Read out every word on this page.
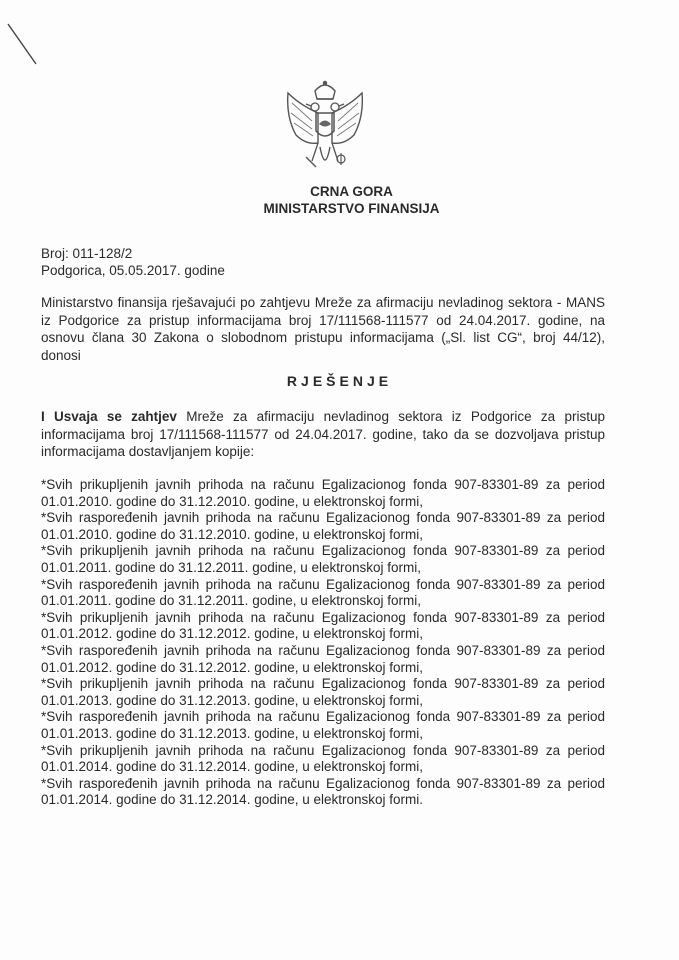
CRNA GORA
MINISTARSTVO FINANSIJA
Broj: 011-128/2
Podgorica, 05.05.2017. godine
Ministarstvo finansija rješavajući po zahtjevu Mreže za afirmaciju nevladinog sektora - MANS iz Podgorice za pristup informacijama broj 17/111568-111577 od 24.04.2017. godine, na osnovu člana 30 Zakona o slobodnom pristupu informacijama („Sl. list CG“, broj 44/12), donosi
RJEŠENJE
I Usvaja se zahtjev Mreže za afirmaciju nevladinog sektora iz Podgorice za pristup informacijama broj 17/111568-111577 od 24.04.2017. godine, tako da se dozvoljava pristup informacijama dostavljanjem kopije:
*Svih prikupljenih javnih prihoda na računu Egalizacionog fonda 907-83301-89 za period 01.01.2010. godine do 31.12.2010. godine, u elektronskoj formi,
*Svih raspoređenih javnih prihoda na računu Egalizacionog fonda 907-83301-89 za period 01.01.2010. godine do 31.12.2010. godine, u elektronskoj formi,
*Svih prikupljenih javnih prihoda na računu Egalizacionog fonda 907-83301-89 za period 01.01.2011. godine do 31.12.2011. godine, u elektronskoj formi,
*Svih raspoređenih javnih prihoda na računu Egalizacionog fonda 907-83301-89 za period 01.01.2011. godine do 31.12.2011. godine, u elektronskoj formi,
*Svih prikupljenih javnih prihoda na računu Egalizacionog fonda 907-83301-89 za period 01.01.2012. godine do 31.12.2012. godine, u elektronskoj formi,
*Svih raspoređenih javnih prihoda na računu Egalizacionog fonda 907-83301-89 za period 01.01.2012. godine do 31.12.2012. godine, u elektronskoj formi,
*Svih prikupljenih javnih prihoda na računu Egalizacionog fonda 907-83301-89 za period 01.01.2013. godine do 31.12.2013. godine, u elektronskoj formi,
*Svih raspoređenih javnih prihoda na računu Egalizacionog fonda 907-83301-89 za period 01.01.2013. godine do 31.12.2013. godine, u elektronskoj formi,
*Svih prikupljenih javnih prihoda na računu Egalizacionog fonda 907-83301-89 za period 01.01.2014. godine do 31.12.2014. godine, u elektronskoj formi,
*Svih raspoređenih javnih prihoda na računu Egalizacionog fonda 907-83301-89 za period 01.01.2014. godine do 31.12.2014. godine, u elektronskoj formi.
